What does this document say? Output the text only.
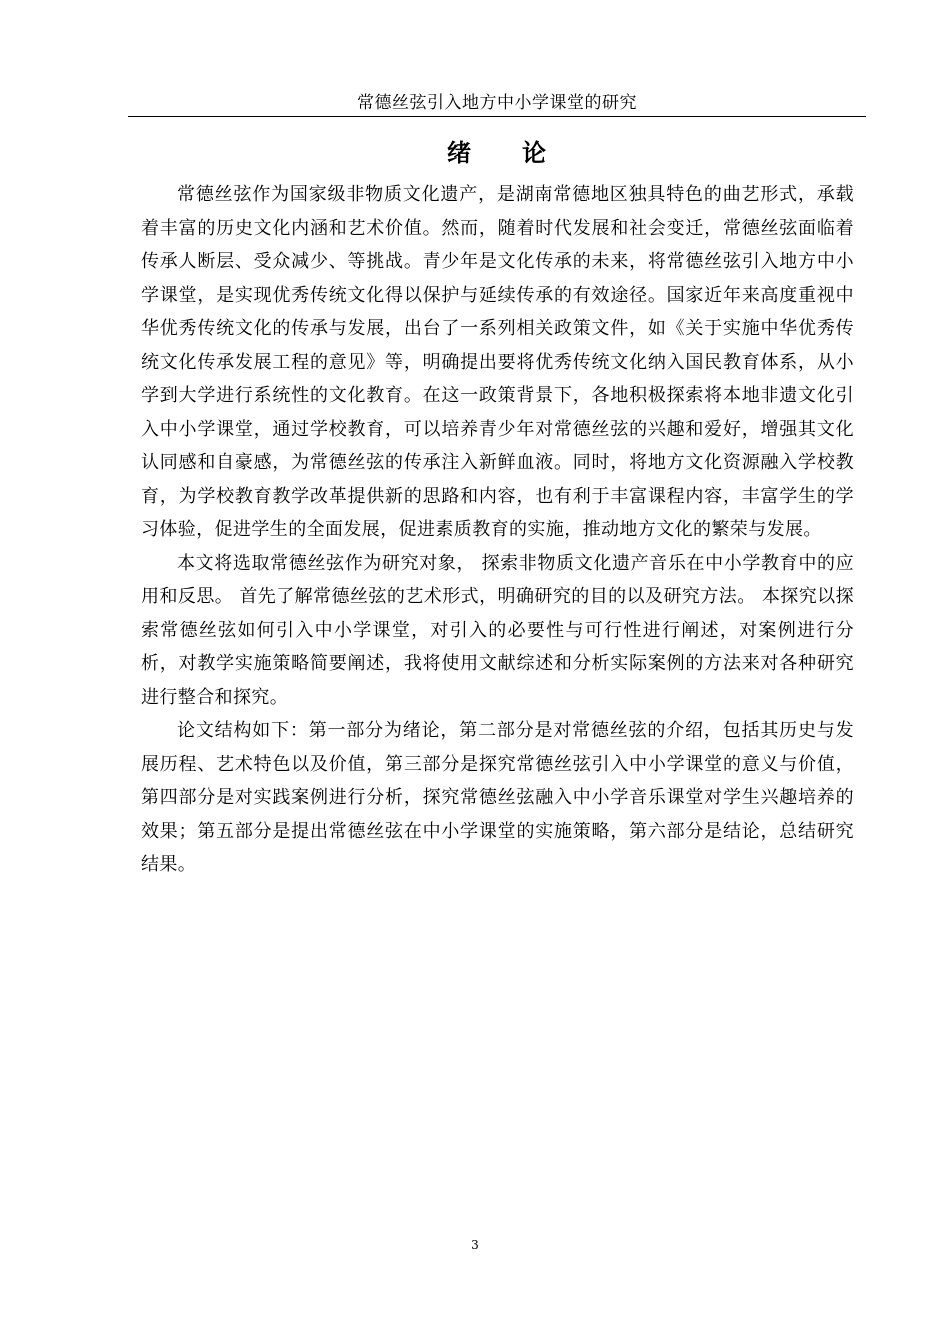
常德丝弦引入地方中小学课堂的研究
绪　　论

常德丝弦作为国家级非物质文化遗产，是湖南常德地区独具特色的曲艺形式，承载着丰富的历史文化内涵和艺术价值。然而，随着时代发展和社会变迁，常德丝弦面临着传承人断层、受众减少、等挑战。青少年是文化传承的未来，将常德丝弦引入地方中小学课堂，是实现优秀传统文化得以保护与延续传承的有效途径。国家近年来高度重视中华优秀传统文化的传承与发展，出台了一系列相关政策文件，如《关于实施中华优秀传统文化传承发展工程的意见》等，明确提出要将优秀传统文化纳入国民教育体系，从小学到大学进行系统性的文化教育。在这一政策背景下，各地积极探索将本地非遗文化引入中小学课堂，通过学校教育，可以培养青少年对常德丝弦的兴趣和爱好，增强其文化认同感和自豪感，为常德丝弦的传承注入新鲜血液。同时，将地方文化资源融入学校教育，为学校教育教学改革提供新的思路和内容，也有利于丰富课程内容，丰富学生的学习体验，促进学生的全面发展，促进素质教育的实施，推动地方文化的繁荣与发展。

本文将选取常德丝弦作为研究对象， 探索非物质文化遗产音乐在中小学教育中的应用和反思。 首先了解常德丝弦的艺术形式，明确研究的目的以及研究方法。 本探究以探索常德丝弦如何引入中小学课堂，对引入的必要性与可行性进行阐述，对案例进行分析，对教学实施策略简要阐述，我将使用文献综述和分析实际案例的方法来对各种研究进行整合和探究。

论文结构如下：第一部分为绪论，第二部分是对常德丝弦的介绍，包括其历史与发展历程、艺术特色以及价值，第三部分是探究常德丝弦引入中小学课堂的意义与价值，第四部分是对实践案例进行分析，探究常德丝弦融入中小学音乐课堂对学生兴趣培养的效果；第五部分是提出常德丝弦在中小学课堂的实施策略，第六部分是结论，总结研究结果。

3
